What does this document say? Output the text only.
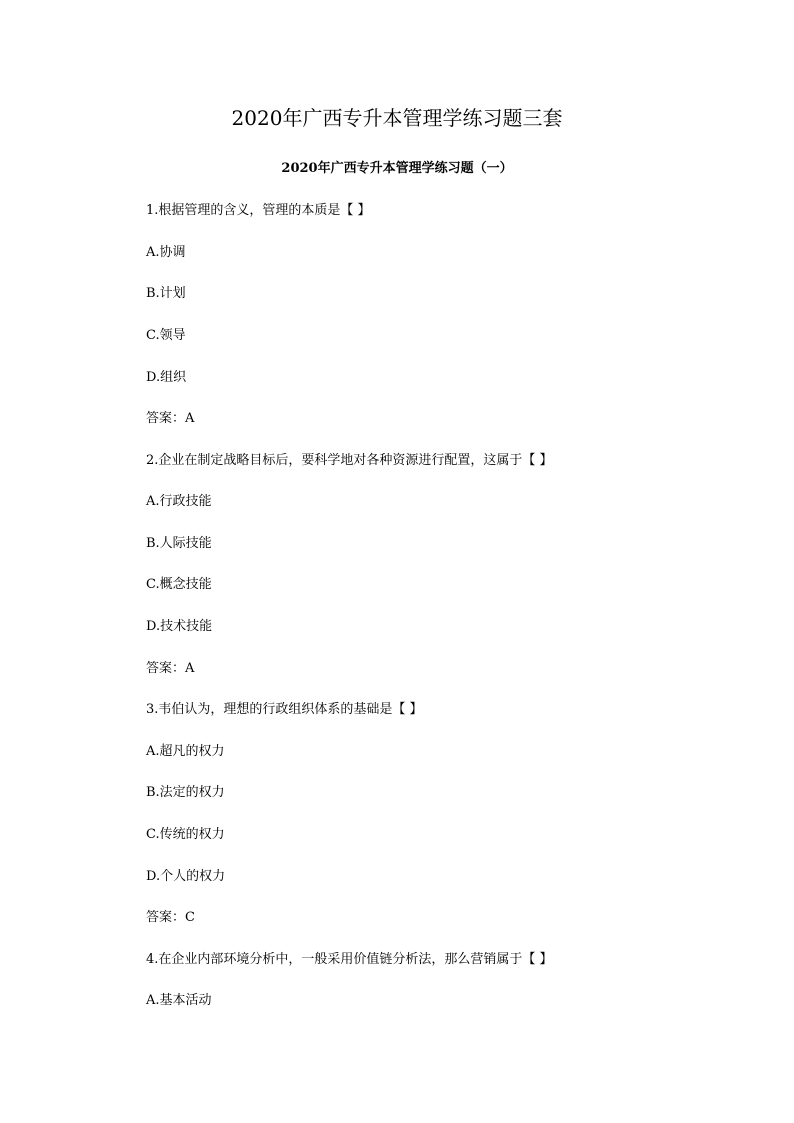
2020年广西专升本管理学练习题三套
2020年广西专升本管理学练习题（一）
1.根据管理的含义，管理的本质是【 】
A.协调
B.计划
C.领导
D.组织
答案：A
2.企业在制定战略目标后，要科学地对各种资源进行配置，这属于【 】
A.行政技能
B.人际技能
C.概念技能
D.技术技能
答案：A
3.韦伯认为，理想的行政组织体系的基础是【 】
A.超凡的权力
B.法定的权力
C.传统的权力
D.个人的权力
答案：C
4.在企业内部环境分析中，一般采用价值链分析法，那么营销属于【 】
A.基本活动
